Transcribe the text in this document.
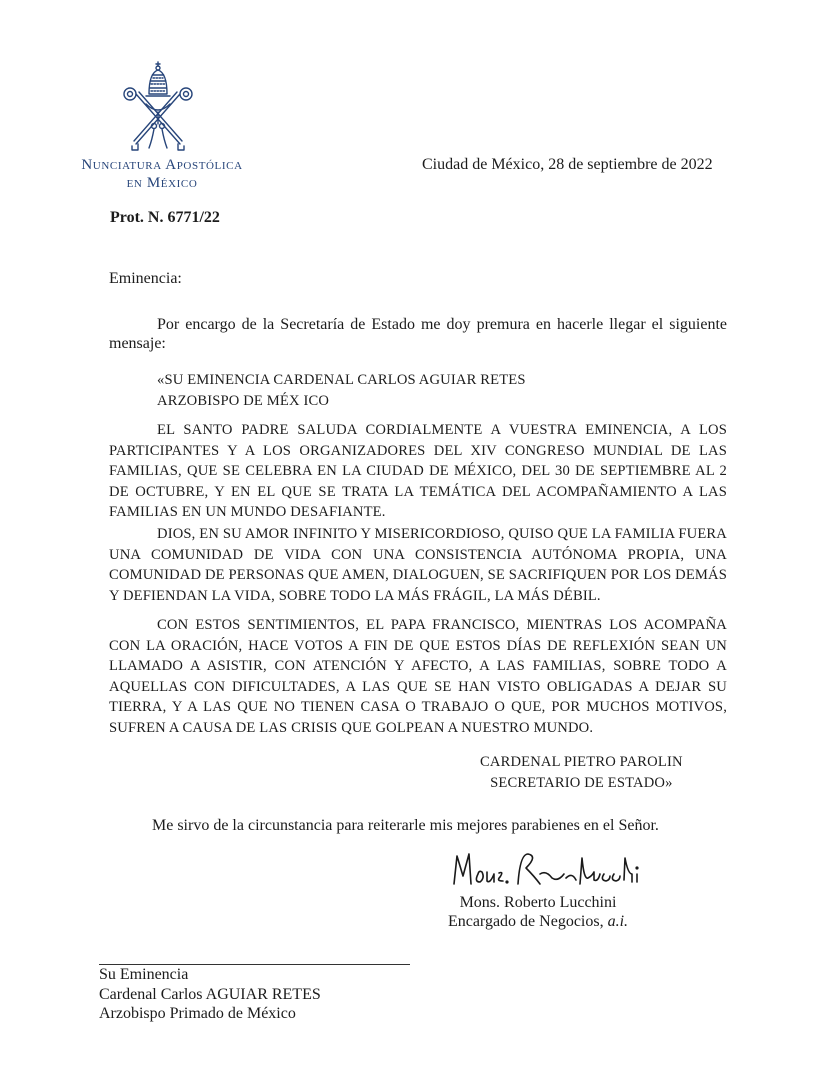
Nunciatura Apostólica
en México

Ciudad de México, 28 de septiembre de 2022

Prot. N. 6771/22

Eminencia:

Por encargo de la Secretaría de Estado me doy premura en hacerle llegar el siguiente mensaje:

«SU EMINENCIA CARDENAL CARLOS AGUIAR RETES
ARZOBISPO DE MÉX ICO

EL SANTO PADRE SALUDA CORDIALMENTE A VUESTRA EMINENCIA, A LOS PARTICIPANTES Y A LOS ORGANIZADORES DEL XIV CONGRESO MUNDIAL DE LAS FAMILIAS, QUE SE CELEBRA EN LA CIUDAD DE MÉXICO, DEL 30 DE SEPTIEMBRE AL 2 DE OCTUBRE, Y EN EL QUE SE TRATA LA TEMÁTICA DEL ACOMPAÑAMIENTO A LAS FAMILIAS EN UN MUNDO DESAFIANTE.

DIOS, EN SU AMOR INFINITO Y MISERICORDIOSO, QUISO QUE LA FAMILIA FUERA UNA COMUNIDAD DE VIDA CON UNA CONSISTENCIA AUTÓNOMA PROPIA, UNA COMUNIDAD DE PERSONAS QUE AMEN, DIALOGUEN, SE SACRIFIQUEN POR LOS DEMÁS Y DEFIENDAN LA VIDA, SOBRE TODO LA MÁS FRÁGIL, LA MÁS DÉBIL.

CON ESTOS SENTIMIENTOS, EL PAPA FRANCISCO, MIENTRAS LOS ACOMPAÑA CON LA ORACIÓN, HACE VOTOS A FIN DE QUE ESTOS DÍAS DE REFLEXIÓN SEAN UN LLAMADO A ASISTIR, CON ATENCIÓN Y AFECTO, A LAS FAMILIAS, SOBRE TODO A AQUELLAS CON DIFICULTADES, A LAS QUE SE HAN VISTO OBLIGADAS A DEJAR SU TIERRA, Y A LAS QUE NO TIENEN CASA O TRABAJO O QUE, POR MUCHOS MOTIVOS, SUFREN A CAUSA DE LAS CRISIS QUE GOLPEAN A NUESTRO MUNDO.

CARDENAL PIETRO PAROLIN
SECRETARIO DE ESTADO»

Me sirvo de la circunstancia para reiterarle mis mejores parabienes en el Señor.

Mons. Roberto Lucchini
Encargado de Negocios, a.i.
Su Eminencia
Cardenal Carlos AGUIAR RETES
Arzobispo Primado de México
